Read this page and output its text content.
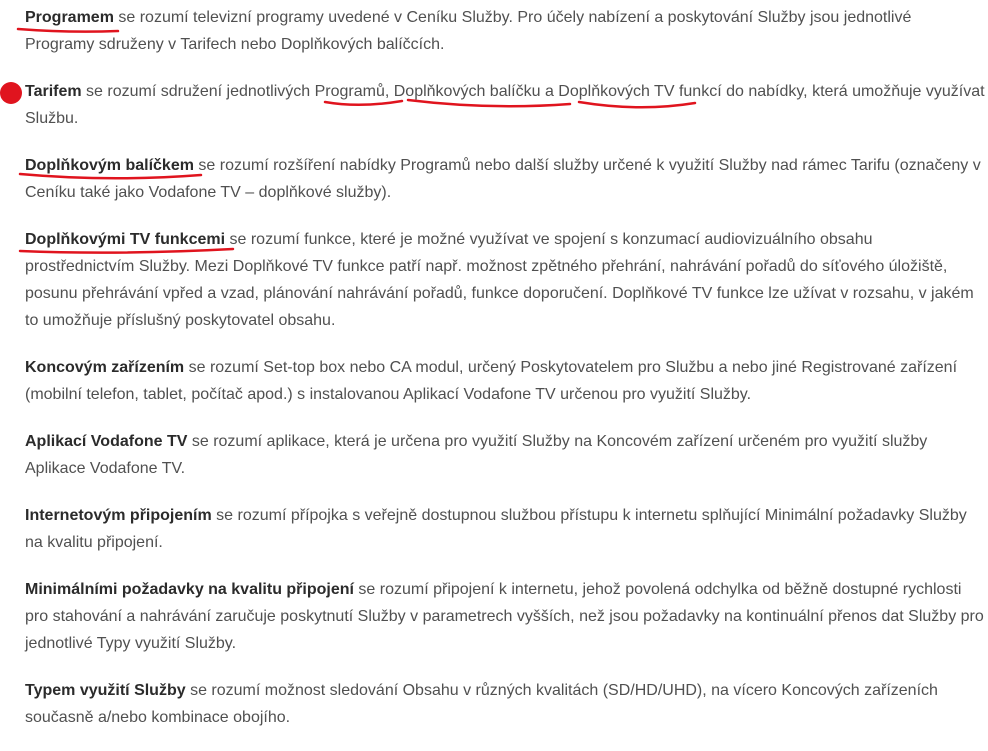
Programem se rozumí televizní programy uvedené v Ceníku Služby. Pro účely nabízení a poskytování Služby jsou jednotlivé Programy sdruženy v Tarifech nebo Doplňkových balíčcích.

Tarifem se rozumí sdružení jednotlivých Programů, Doplňkových balíčku a Doplňkových TV funkcí do nabídky, která umožňuje využívat Službu.

Doplňkovým balíčkem se rozumí rozšíření nabídky Programů nebo další služby určené k využití Služby nad rámec Tarifu (označeny v Ceníku také jako Vodafone TV – doplňkové služby).

Doplňkovými TV funkcemi se rozumí funkce, které je možné využívat ve spojení s konzumací audiovizuálního obsahu prostřednictvím Služby. Mezi Doplňkové TV funkce patří např. možnost zpětného přehrání, nahrávání pořadů do síťového úložiště, posunu přehrávání vpřed a vzad, plánování nahrávání pořadů, funkce doporučení. Doplňkové TV funkce lze užívat v rozsahu, v jakém to umožňuje příslušný poskytovatel obsahu.

Koncovým zařízením se rozumí Set-top box nebo CA modul, určený Poskytovatelem pro Službu a nebo jiné Registrované zařízení (mobilní telefon, tablet, počítač apod.) s instalovanou Aplikací Vodafone TV určenou pro využití Služby.

Aplikací Vodafone TV se rozumí aplikace, která je určena pro využití Služby na Koncovém zařízení určeném pro využití služby Aplikace Vodafone TV.

Internetovým připojením se rozumí přípojka s veřejně dostupnou službou přístupu k internetu splňující Minimální požadavky Služby na kvalitu připojení.

Minimálními požadavky na kvalitu připojení se rozumí připojení k internetu, jehož povolená odchylka od běžně dostupné rychlosti pro stahování a nahrávání zaručuje poskytnutí Služby v parametrech vyšších, než jsou požadavky na kontinuální přenos dat Služby pro jednotlivé Typy využití Služby.

Typem využití Služby se rozumí možnost sledování Obsahu v různých kvalitách (SD/HD/UHD), na vícero Koncových zařízeních současně a/nebo kombinace obojího.
